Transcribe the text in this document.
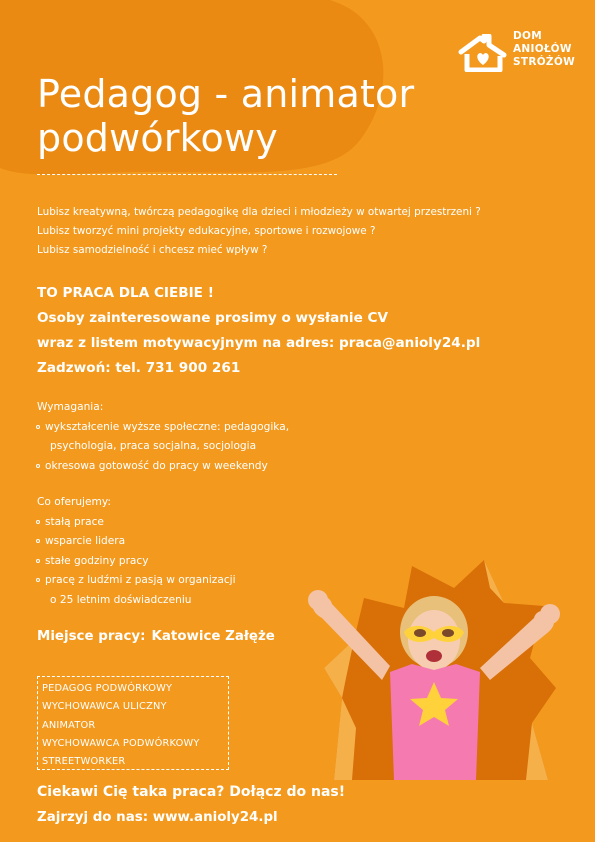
DOM
ANIOŁÓW
STRÓŻÓW
Pedagog - animator
podwórkowy
Lubisz kreatywną, twórczą pedagogikę dla dzieci i młodzieży w otwartej przestrzeni ?
Lubisz tworzyć mini projekty edukacyjne, sportowe i rozwojowe ?
Lubisz samodzielność i chcesz mieć wpływ ?
TO PRACA DLA CIEBIE !
Osoby zainteresowane prosimy o wysłanie CV
wraz z listem motywacyjnym na adres: praca@anioly24.pl
Zadzwoń: tel. 731 900 261
Wymagania:
wykształcenie wyższe społeczne: pedagogika,
psychologia, praca socjalna, socjologia
okresowa gotowość do pracy w weekendy
Co oferujemy:
stałą prace
wsparcie lidera
stałe godziny pracy
pracę z ludźmi z pasją w organizacji
o 25 letnim doświadczeniu
Miejsce pracy: Katowice Załęże
PEDAGOG PODWÓRKOWY
WYCHOWAWCA ULICZNY
ANIMATOR
WYCHOWAWCA PODWÓRKOWY
STREETWORKER
Ciekawi Cię taka praca? Dołącz do nas!
Zajrzyj do nas: www.anioly24.pl
